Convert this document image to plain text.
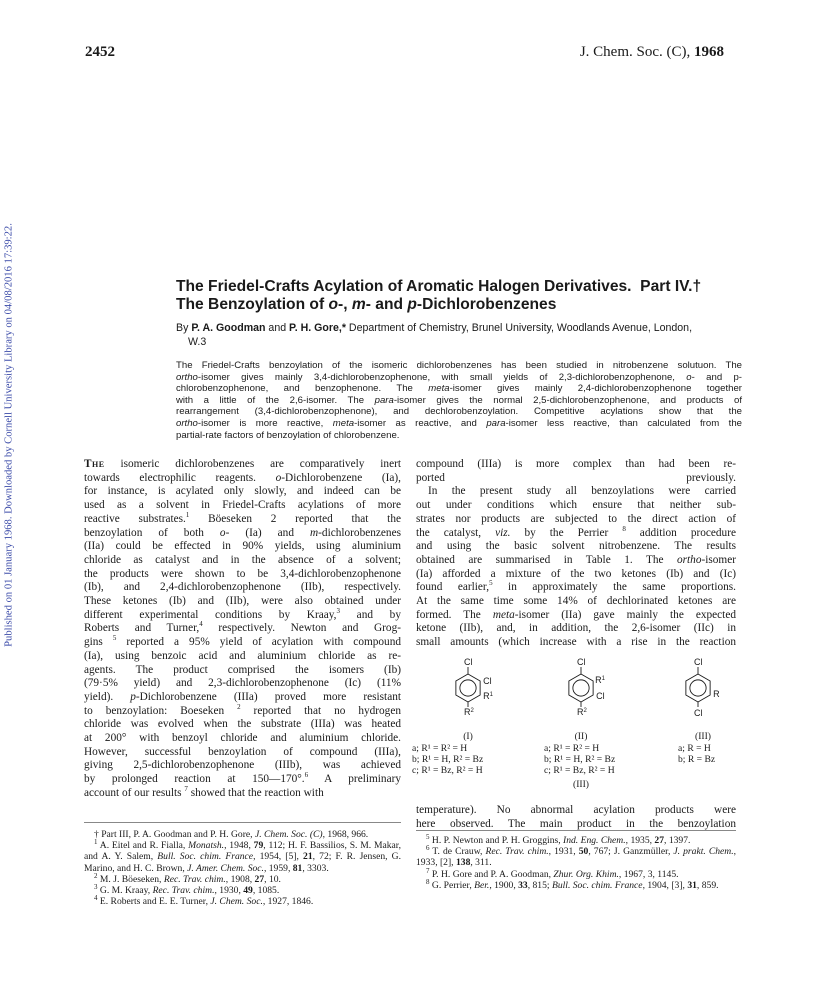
Published on 01 January 1968. Downloaded by Cornell University Library on 04/08/2016 17:39:22.
2452	J. Chem. Soc. (C), 1968
The Friedel-Crafts Acylation of Aromatic Halogen Derivatives.  Part IV.†
The Benzoylation of o-, m- and p-Dichlorobenzenes
By P. A. Goodman and P. H. Gore,* Department of Chemistry, Brunel University, Woodlands Avenue, London,
W.3
The Friedel-Crafts benzoylation of the isomeric dichlorobenzenes has been studied in nitrobenzene solutuon. The
ortho-isomer gives mainly 3,4-dichlorobenzophenone, with small yields of 2,3-dichlorobenzophenone, o- and p-
chlorobenzophenone, and benzophenone. The meta-isomer gives mainly 2,4-dichlorobenzophenone together
with a little of the 2,6-isomer. The para-isomer gives the normal 2,5-dichlorobenzophenone, and products of
rearrangement (3,4-dichlorobenzophenone), and dechlorobenzoylation. Competitive acylations show that the
ortho-isomer is more reactive, meta-isomer as reactive, and para-isomer less reactive, than calculated from the
partial-rate factors of benzoylation of chlorobenzene.
The isomeric dichlorobenzenes are comparatively inert
towards electrophilic reagents. o-Dichlorobenzene (Ia),
for instance, is acylated only slowly, and indeed can be
used as a solvent in Friedel-Crafts acylations of more
reactive substrates.$^1$ Böeseken 2 reported that the
benzoylation of both o- (Ia) and m-dichlorobenzenes
(IIa) could be effected in 90% yields, using aluminium
chloride as catalyst and in the absence of a solvent;
the products were shown to be 3,4-dichlorobenzophenone
(Ib), and 2,4-dichlorobenzophenone (IIb), respectively.
These ketones (Ib) and (IIb), were also obtained under
different experimental conditions by Kraay,$^3$ and by
Roberts and Turner,$^4$ respectively. Newton and Grog-
gins $^5$ reported a 95% yield of acylation with compound
(Ia), using benzoic acid and aluminium chloride as re-
agents. The product comprised the isomers (Ib)
(79·5% yield) and 2,3-dichlorobenzophenone (Ic) (11%
yield). p-Dichlorobenzene (IIIa) proved more resistant
to benzoylation: Boeseken $^2$ reported that no hydrogen
chloride was evolved when the substrate (IIIa) was heated
at 200° with benzoyl chloride and aluminium chloride.
However, successful benzoylation of compound (IIIa),
giving 2,5-dichlorobenzophenone (IIIb), was achieved
by prolonged reaction at 150—170°.$^6$ A preliminary
account of our results $^7$ showed that the reaction with
compound (IIIa) is more complex than had been re-
ported previously.
In the present study all benzoylations were carried
out under conditions which ensure that neither sub-
strates nor products are subjected to the direct action of
the catalyst, viz. by the Perrier $^8$ addition procedure
and using the basic solvent nitrobenzene. The results
obtained are summarised in Table 1. The ortho-isomer
(Ia) afforded a mixture of the two ketones (Ib) and (Ic)
found earlier,$^5$ in approximately the same proportions.
At the same time some 14% of dechlorinated ketones are
formed. The meta-isomer (IIa) gave mainly the expected
ketone (IIb), and, in addition, the 2,6-isomer (IIc) in
small amounts (which increase with a rise in the reaction
Cl
Cl
$R^1$
$R^2$
Cl
$R^1$
Cl
$R^2$
Cl
R
Cl
(I)	(II)	(III)
a; R¹ = R² = H
b; R¹ = H, R² = Bz
c; R¹ = Bz, R² = H
a; R¹ = R² = H
b; R¹ = H, R² = Bz
c; R¹ = Bz, R² = H
a; R = H
b; R = Bz
(III)
temperature). No abnormal acylation products were
here observed. The main product in the benzoylation
† Part III, P. A. Goodman and P. H. Gore, J. Chem. Soc. (C), 1968, 966.
$^1$ A. Eitel and R. Fialla, Monatsh., 1948, 79, 112; H. F. Bassilios, S. M. Makar, and A. Y. Salem, Bull. Soc. chim. France, 1954, [5], 21, 72; F. R. Jensen, G. Marino, and H. C. Brown, J. Amer. Chem. Soc., 1959, 81, 3303.
$^2$ M. J. Böeseken, Rec. Trav. chim., 1908, 27, 10.
$^3$ G. M. Kraay, Rec. Trav. chim., 1930, 49, 1085.
$^4$ E. Roberts and E. E. Turner, J. Chem. Soc., 1927, 1846.
$^5$ H. P. Newton and P. H. Groggins, Ind. Eng. Chem., 1935, 27, 1397.
$^6$ T. de Crauw, Rec. Trav. chim., 1931, 50, 767; J. Ganzmüller, J. prakt. Chem., 1933, [2], 138, 311.
$^7$ P. H. Gore and P. A. Goodman, Zhur. Org. Khim., 1967, 3, 1145.
$^8$ G. Perrier, Ber., 1900, 33, 815; Bull. Soc. chim. France, 1904, [3], 31, 859.
